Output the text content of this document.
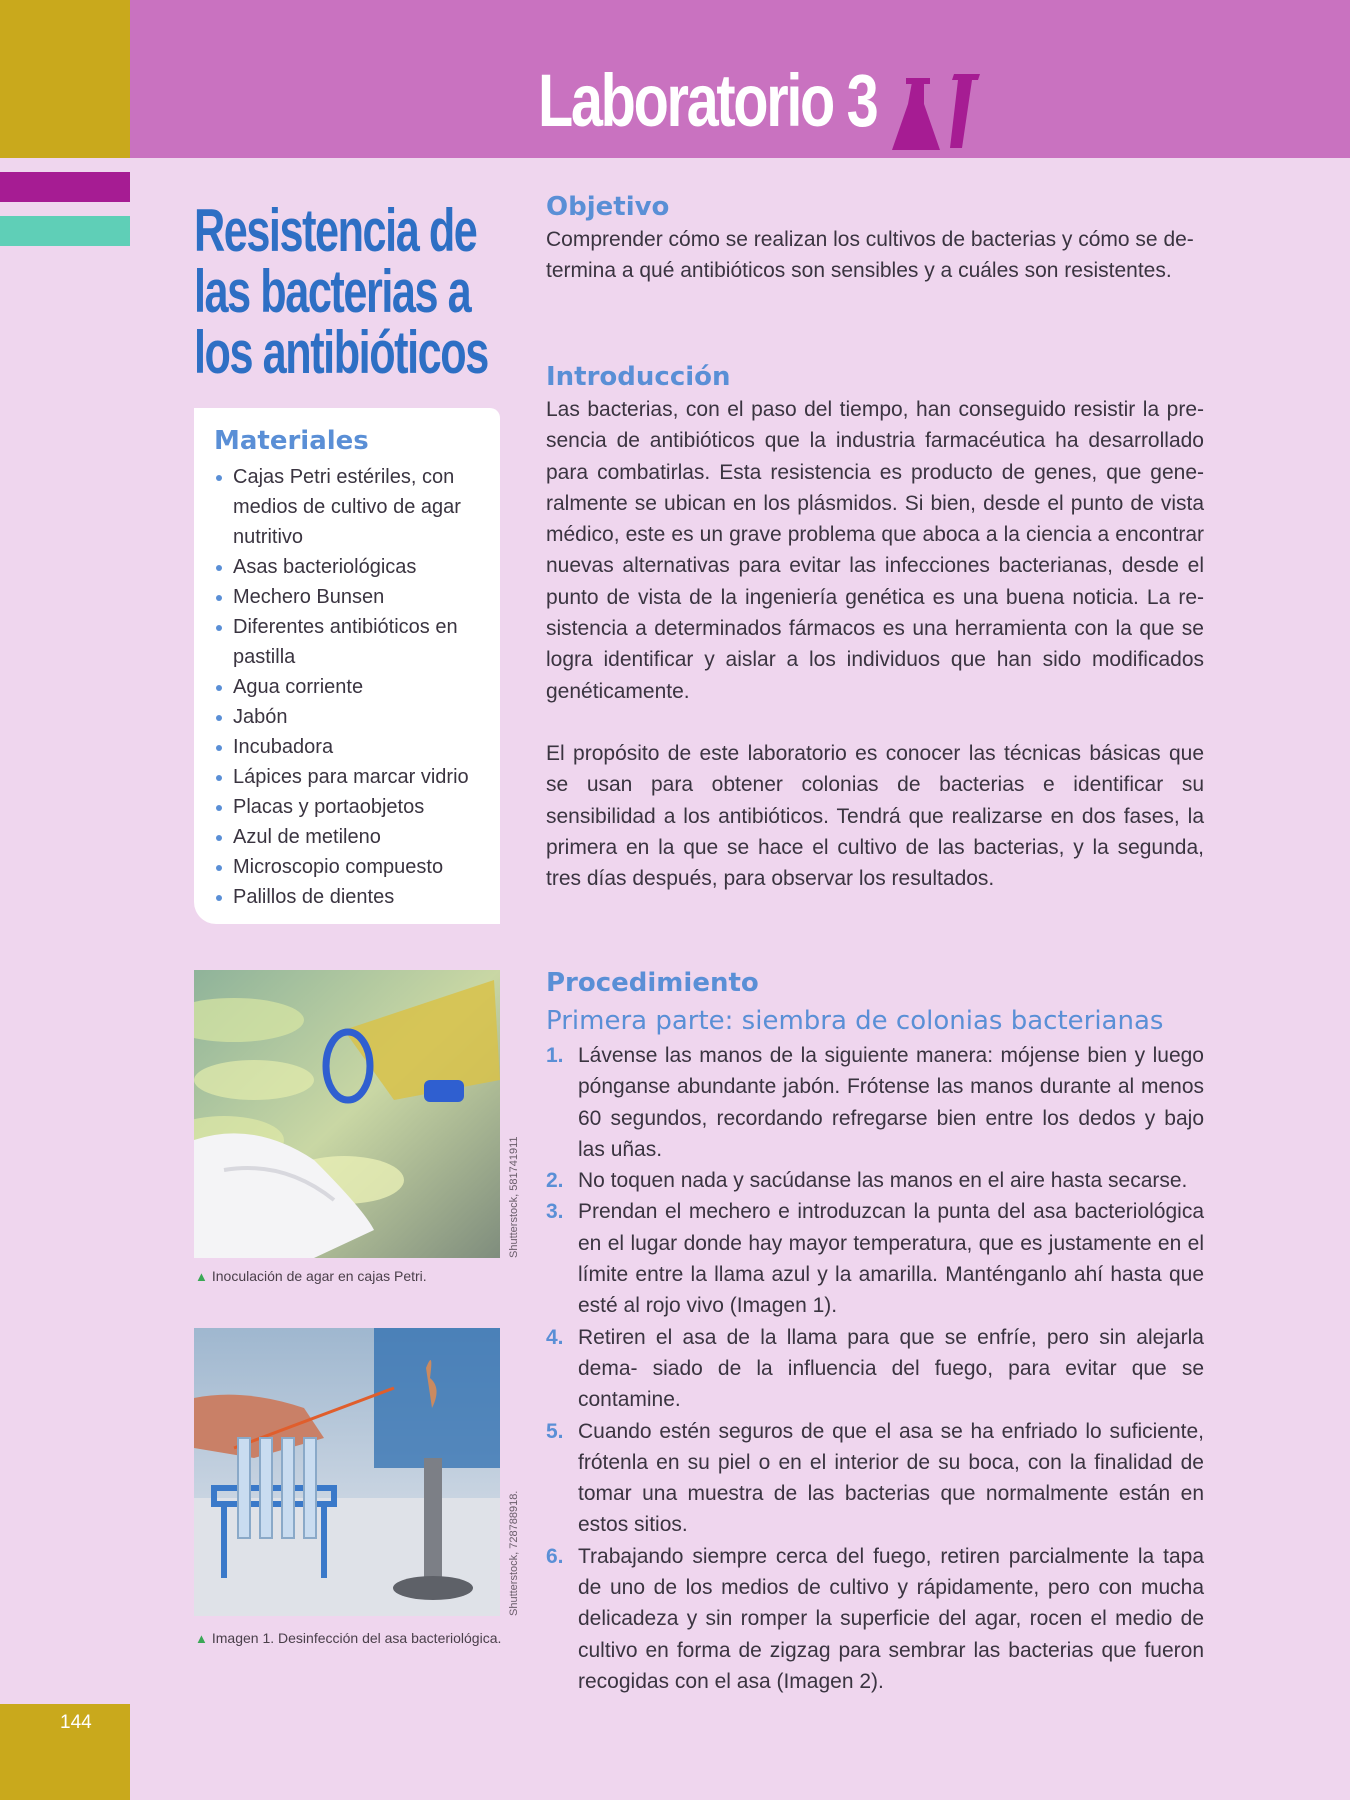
144
Laboratorio 3
Resistencia de
las bacterias a
los antibióticos
Materiales
Cajas Petri estériles, con
medios de cultivo de agar
nutritivo
Asas bacteriológicas
Mechero Bunsen
Diferentes antibióticos en
pastilla
Agua corriente
Jabón
Incubadora
Lápices para marcar vidrio
Placas y portaobjetos
Azul de metileno
Microscopio compuesto
Palillos de dientes
Shutterstock, 581741911
▲ Inoculación de agar en cajas Petri.
Shutterstock, 728788918.
▲ Imagen 1. Desinfección del asa bacteriológica.
Objetivo

Comprender cómo se realizan los cultivos de bacterias y cómo se de-
termina a qué antibióticos son sensibles y a cuáles son resistentes.

Introducción

Las bacterias, con el paso del tiempo, han conseguido resistir la pre- sencia de antibióticos que la industria farmacéutica ha desarrollado para combatirlas. Esta resistencia es producto de genes, que gene- ralmente se ubican en los plásmidos. Si bien, desde el punto de vista médico, este es un grave problema que aboca a la ciencia a encontrar nuevas alternativas para evitar las infecciones bacterianas, desde el punto de vista de la ingeniería genética es una buena noticia. La re- sistencia a determinados fármacos es una herramienta con la que se logra identificar y aislar a los individuos que han sido modificados genéticamente.

El propósito de este laboratorio es conocer las técnicas básicas que se usan para obtener colonias de bacterias e identificar su sensibilidad a los antibióticos. Tendrá que realizarse en dos fases, la primera en la que se hace el cultivo de las bacterias, y la segunda, tres días después, para observar los resultados.

Procedimiento
Primera parte: siembra de colonias bacterianas
1. Lávense las manos de la siguiente manera: mójense bien y luego pónganse abundante jabón. Frótense las manos durante al menos 60 segundos, recordando refregarse bien entre los dedos y bajo las uñas.
2. No toquen nada y sacúdanse las manos en el aire hasta secarse.
3. Prendan el mechero e introduzcan la punta del asa bacteriológica en el lugar donde hay mayor temperatura, que es justamente en el límite entre la llama azul y la amarilla. Manténganlo ahí hasta que esté al rojo vivo (Imagen 1).
4. Retiren el asa de la llama para que se enfríe, pero sin alejarla dema- siado de la influencia del fuego, para evitar que se contamine.
5. Cuando estén seguros de que el asa se ha enfriado lo suficiente, frótenla en su piel o en el interior de su boca, con la finalidad de tomar una muestra de las bacterias que normalmente están en estos sitios.
6. Trabajando siempre cerca del fuego, retiren parcialmente la tapa de uno de los medios de cultivo y rápidamente, pero con mucha delicadeza y sin romper la superficie del agar, rocen el medio de cultivo en forma de zigzag para sembrar las bacterias que fueron recogidas con el asa (Imagen 2).
